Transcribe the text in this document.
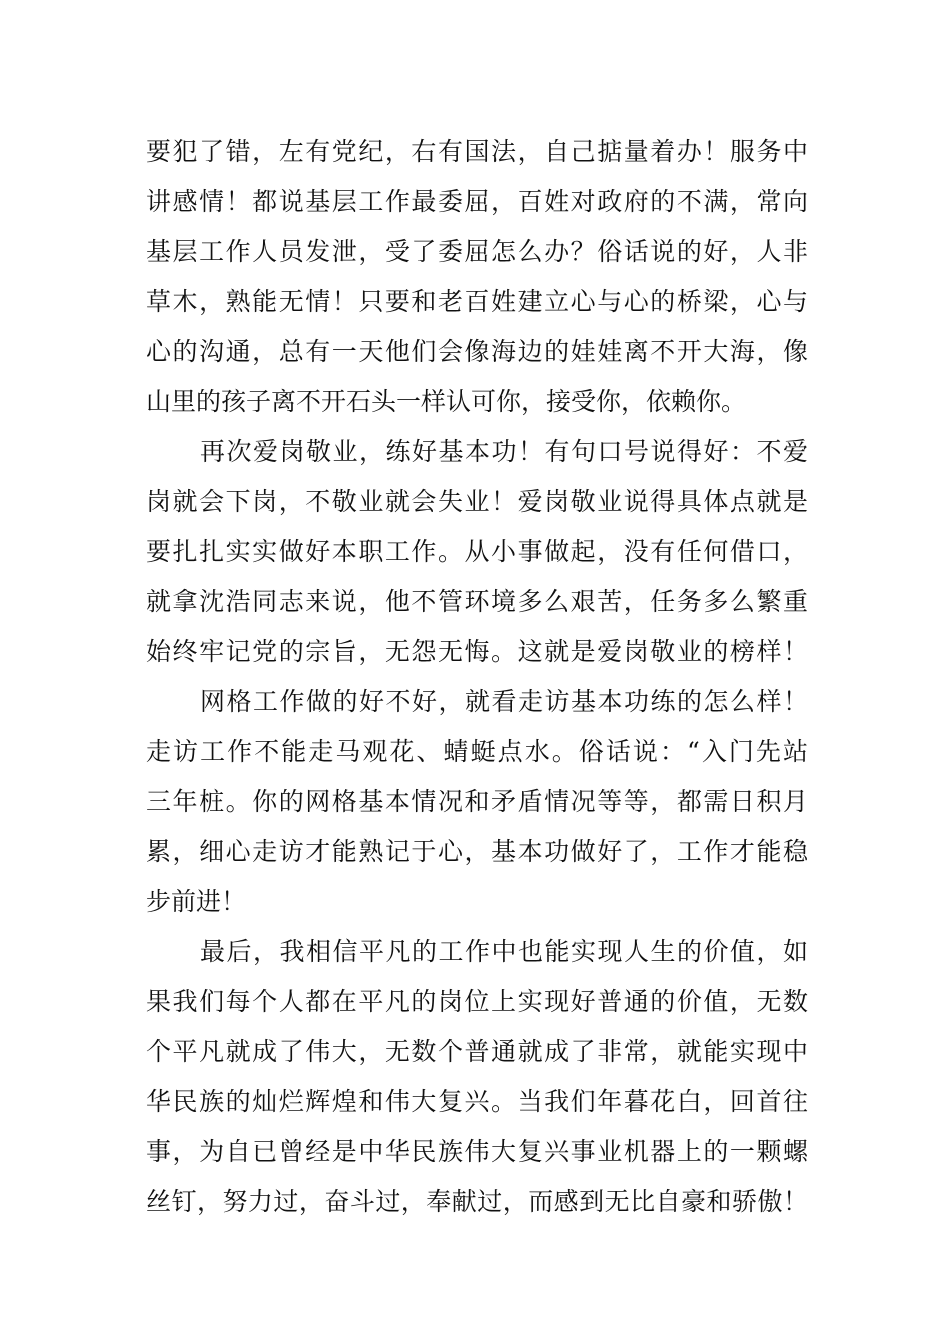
要犯了错，左有党纪，右有国法，自己掂量着办！服务中
讲感情！都说基层工作最委屈，百姓对政府的不满，常向
基层工作人员发泄，受了委屈怎么办？俗话说的好，人非
草木，熟能无情！只要和老百姓建立心与心的桥梁，心与
心的沟通，总有一天他们会像海边的娃娃离不开大海，像
山里的孩子离不开石头一样认可你，接受你，依赖你。
再次爱岗敬业，练好基本功！有句口号说得好：不爱
岗就会下岗，不敬业就会失业！爱岗敬业说得具体点就是
要扎扎实实做好本职工作。从小事做起，没有任何借口，
就拿沈浩同志来说，他不管环境多么艰苦，任务多么繁重
始终牢记党的宗旨，无怨无悔。这就是爱岗敬业的榜样！
网格工作做的好不好，就看走访基本功练的怎么样！
走访工作不能走马观花、蜻蜓点水。俗话说：“入门先站
三年桩。你的网格基本情况和矛盾情况等等，都需日积月
累，细心走访才能熟记于心，基本功做好了，工作才能稳
步前进！
最后，我相信平凡的工作中也能实现人生的价值，如
果我们每个人都在平凡的岗位上实现好普通的价值，无数
个平凡就成了伟大，无数个普通就成了非常，就能实现中
华民族的灿烂辉煌和伟大复兴。当我们年暮花白，回首往
事，为自已曾经是中华民族伟大复兴事业机器上的一颗螺
丝钉，努力过，奋斗过，奉献过，而感到无比自豪和骄傲！
